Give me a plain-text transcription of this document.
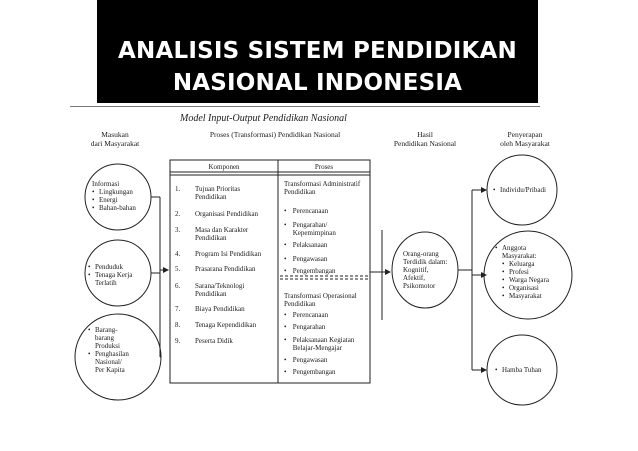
ANALISIS SISTEM PENDIDIKAN
NASIONAL INDONESIA
Model Input-Output Pendidikan Nasional
Masukan
dari Masyarakat
Proses (Transformasi) Pendidikan Nasional	Hasil
Pendidikan Nasional
Penyerapan
oleh Masyarakat
Informasi
• Lingkungan
• Energi
• Bahan-bahan
• Penduduk
• Tenaga Kerja
Terlatih
• Barang-
barang
Produksi
• Penghasilan
Nasional/
Per Kapita
Komponen	Proses
1. Tujuan Prioritas
Pendidikan
2. Organisasi Pendidikan
3. Masa dan Karakter
Pendidikan
4. Program Isi Pendidikan
5. Prasarana Pendidikan
6. Sarana/Teknologi
Pendidikan
7. Biaya Pendidikan
8. Tenaga Kependidikan
9. Peserta Didik
Transformasi Administratif
Pendidikan
• Perencanaan
• Pengarahan/
Kepemimpinan
• Pelaksanaan
• Pengawasan
• Pengembangan
Transformasi Operasional
Pendidikan
• Perencanaan
• Pengarahan
• Pelaksanaan Kegiatan
Belajar-Mengajar
• Pengawasan
• Pengembangan
Orang-orang
Terdidik dalam:
Kognitif,
Afektif,
Psikomotor
• Individu/Pribadi
• Anggota
Masyarakat:
• Keluarga
• Profesi
• Warga Negara
• Organisasi
• Masyarakat
• Hamba Tuhan
